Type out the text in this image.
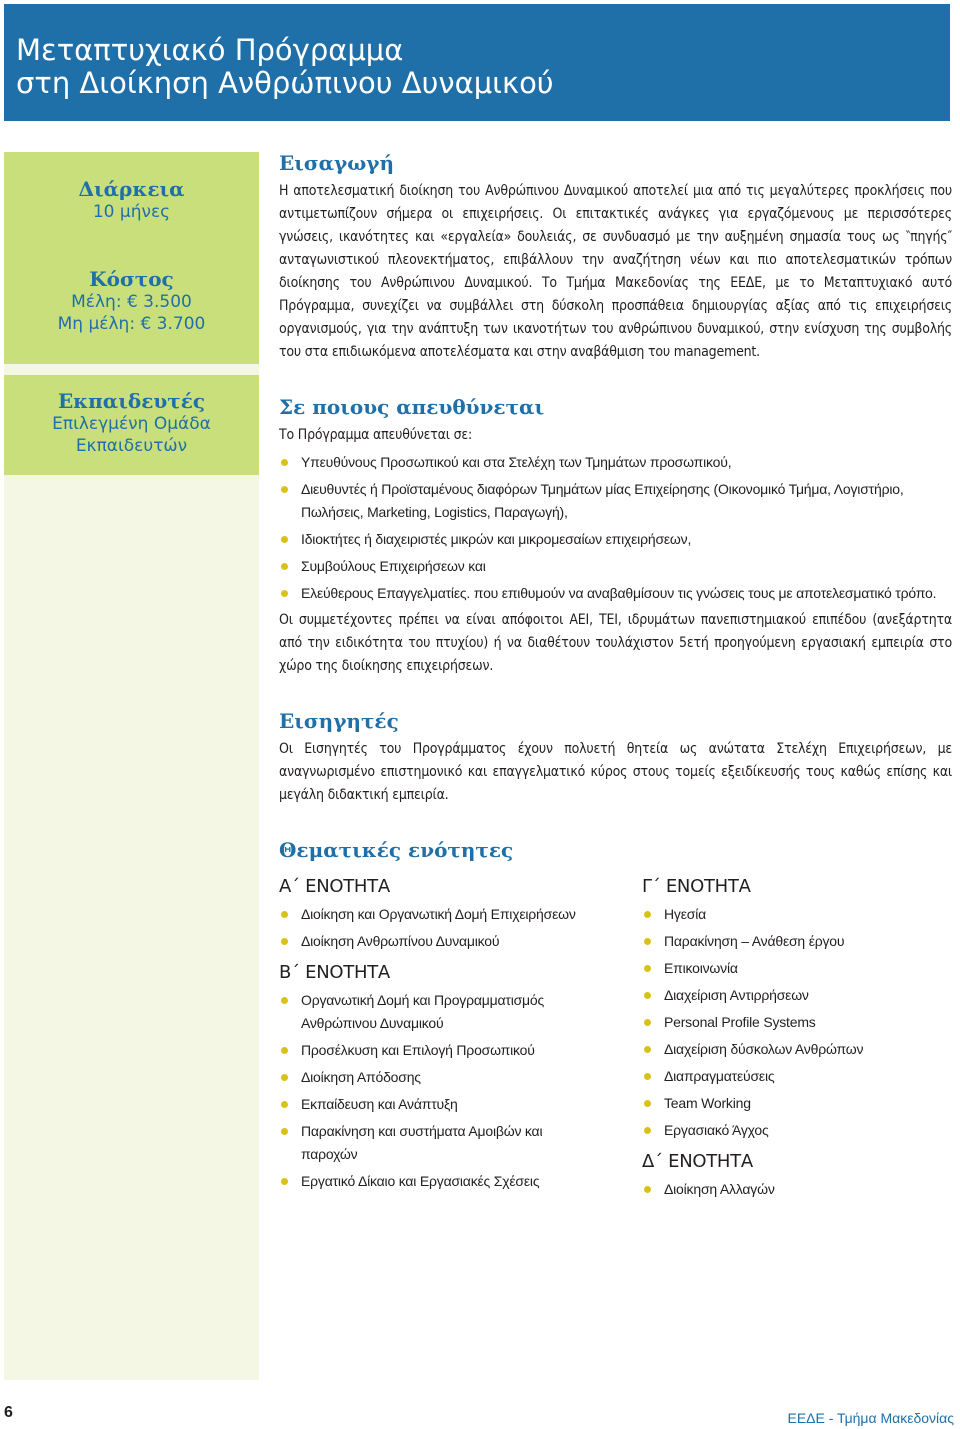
Μεταπτυχιακό Πρόγραμμα
στη Διοίκηση Ανθρώπινου Δυναμικού
Διάρκεια
10 μήνες
Κόστος
Μέλη: € 3.500
Μη μέλη: € 3.700
Εκπαιδευτές
Επιλεγμένη Ομάδα
Εκπαιδευτών
Εισαγωγή

Η αποτελεσματική διοίκηση του Ανθρώπινου Δυναμικού αποτελεί μια από τις μεγαλύτερες προκλήσεις που αντιμετωπίζουν σήμερα οι επιχειρήσεις. Οι επιτακτικές ανάγκες για εργαζόμενους με περισσότερες γνώσεις, ικανότητες και «εργαλεία» δουλειάς, σε συνδυασμό με την αυξημένη σημασία τους ως ‶πηγής″ ανταγωνιστικού πλεονεκτήματος, επιβάλλουν την αναζήτηση νέων και πιο αποτελεσματικών τρόπων διοίκησης του Ανθρώπινου Δυναμικού. Το Τμήμα Μακεδονίας της ΕΕΔΕ, με το Μεταπτυχιακό αυτό Πρόγραμμα, συνεχίζει να συμβάλλει στη δύσκολη προσπάθεια δημιουργίας αξίας από τις επιχειρήσεις οργανισμούς, για την ανάπτυξη των ικανοτήτων του ανθρώπινου δυναμικού, στην ενίσχυση της συμβολής του στα επιδιωκόμενα αποτελέσματα και στην αναβάθμιση του management.

Σε ποιους απευθύνεται

Το Πρόγραμμα απευθύνεται σε:

Υπευθύνους Προσωπικού και στα Στελέχη των Τμημάτων προσωπικού,
Διευθυντές ή Προϊσταμένους διαφόρων Τμημάτων μίας Επιχείρησης (Οικονομικό Τμήμα, Λογιστήριο, Πωλήσεις, Marketing, Logistics, Παραγωγή),
Ιδιοκτήτες ή διαχειριστές μικρών και μικρομεσαίων επιχειρήσεων,
Συμβούλους Επιχειρήσεων και
Ελεύθερους Επαγγελματίες. που επιθυμούν να αναβαθμίσουν τις γνώσεις τους με αποτελεσματικό τρόπο.

Οι συμμετέχοντες πρέπει να είναι απόφοιτοι ΑΕΙ, ΤΕΙ, ιδρυμάτων πανεπιστημιακού επιπέδου (ανεξάρτητα από την ειδικότητα του πτυχίου) ή να διαθέτουν τουλάχιστον 5ετή προηγούμενη εργασιακή εμπειρία στο χώρο της διοίκησης επιχειρήσεων.

Εισηγητές

Οι Εισηγητές του Προγράμματος έχουν πολυετή θητεία ως ανώτατα Στελέχη Επιχειρήσεων, με αναγνωρισμένο επιστημονικό και επαγγελματικό κύρος στους τομείς εξειδίκευσής τους καθώς επίσης και μεγάλη διδακτική εμπειρία.

Θεματικές ενότητες
Α΄ ΕΝΟΤΗΤΑ
Διοίκηση και Οργανωτική Δομή Επιχειρήσεων
Διοίκηση Ανθρωπίνου Δυναμικού
Β΄ ΕΝΟΤΗΤΑ
Οργανωτική Δομή και Προγραμματισμός Ανθρώπινου Δυναμικού
Προσέλκυση και Επιλογή Προσωπικού
Διοίκηση Απόδοσης
Εκπαίδευση και Ανάπτυξη
Παρακίνηση και συστήματα Αμοιβών και παροχών
Εργατικό Δίκαιο και Εργασιακές Σχέσεις
Γ΄ ΕΝΟΤΗΤΑ
Ηγεσία
Παρακίνηση – Ανάθεση έργου
Επικοινωνία
Διαχείριση Αντιρρήσεων
Personal Profile Systems
Διαχείριση δύσκολων Ανθρώπων
Διαπραγματεύσεις
Team Working
Εργασιακό Άγχος
Δ΄ ΕΝΟΤΗΤΑ
Διοίκηση Αλλαγών
6	ΕΕΔΕ - Τμήμα Μακεδονίας
